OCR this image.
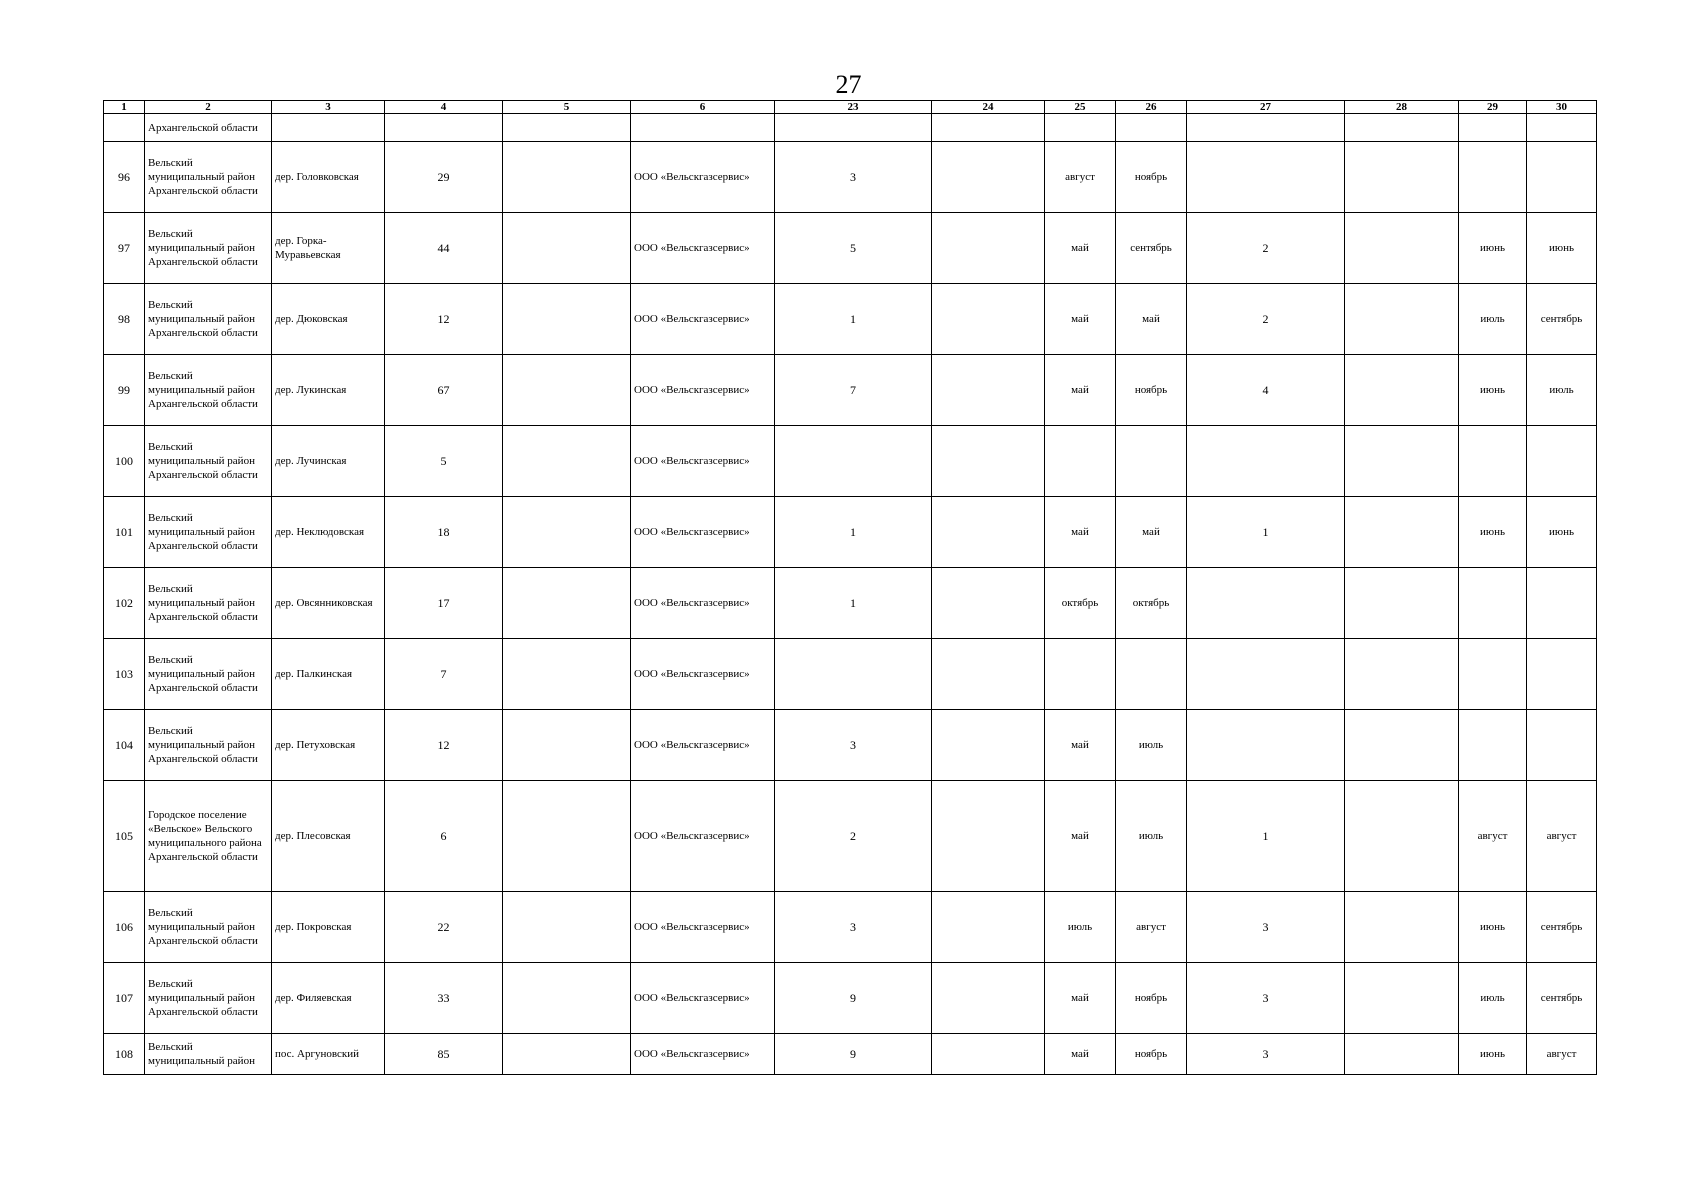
27
1	2	3	4	5	6	23	24	25	26	27	28	29	30
	Архангельской области												
96	Вельский муниципальный район Архангельской области	дер. Головковская	29		ООО «Вельскгазсервис»	3		август	ноябрь				
97	Вельский муниципальный район Архангельской области	дер. Горка-Муравьевская	44		ООО «Вельскгазсервис»	5		май	сентябрь	2		июнь	июнь
98	Вельский муниципальный район Архангельской области	дер. Дюковская	12		ООО «Вельскгазсервис»	1		май	май	2		июль	сентябрь
99	Вельский муниципальный район Архангельской области	дер. Лукинская	67		ООО «Вельскгазсервис»	7		май	ноябрь	4		июнь	июль
100	Вельский муниципальный район Архангельской области	дер. Лучинская	5		ООО «Вельскгазсервис»								
101	Вельский муниципальный район Архангельской области	дер. Неклюдовская	18		ООО «Вельскгазсервис»	1		май	май	1		июнь	июнь
102	Вельский муниципальный район Архангельской области	дер. Овсянниковская	17		ООО «Вельскгазсервис»	1		октябрь	октябрь				
103	Вельский муниципальный район Архангельской области	дер. Палкинская	7		ООО «Вельскгазсервис»								
104	Вельский муниципальный район Архангельской области	дер. Петуховская	12		ООО «Вельскгазсервис»	3		май	июль				
105	Городское поселение «Вельское» Вельского муниципального района Архангельской области	дер. Плесовская	6		ООО «Вельскгазсервис»	2		май	июль	1		август	август
106	Вельский муниципальный район Архангельской области	дер. Покровская	22		ООО «Вельскгазсервис»	3		июль	август	3		июнь	сентябрь
107	Вельский муниципальный район Архангельской области	дер. Филяевская	33		ООО «Вельскгазсервис»	9		май	ноябрь	3		июль	сентябрь
108	Вельский муниципальный район	пос. Аргуновский	85		ООО «Вельскгазсервис»	9		май	ноябрь	3		июнь	август
